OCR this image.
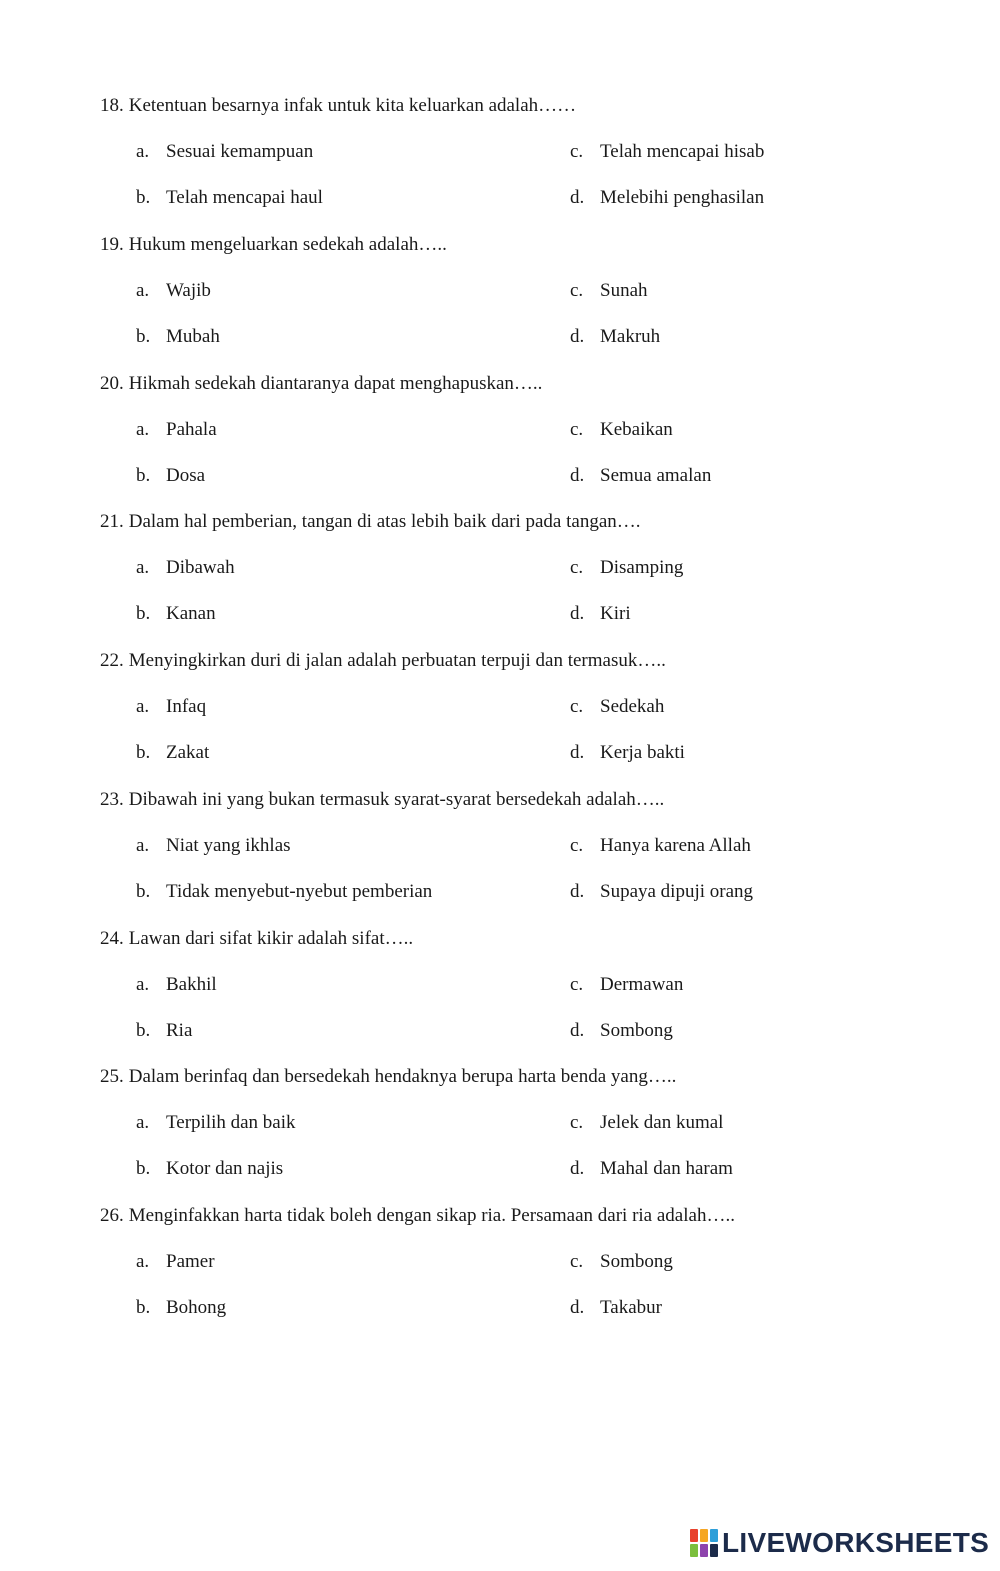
18. Ketentuan besarnya infak untuk kita keluarkan adalah……
a. Sesuai kemampuan
b. Telah mencapai haul
c. Telah mencapai hisab
d. Melebihi penghasilan
19. Hukum mengeluarkan sedekah adalah…..
a. Wajib
b. Mubah
c. Sunah
d. Makruh
20. Hikmah sedekah diantaranya dapat menghapuskan…..
a. Pahala
b. Dosa
c. Kebaikan
d. Semua amalan
21. Dalam hal pemberian, tangan di atas lebih baik dari pada tangan….
a. Dibawah
b. Kanan
c. Disamping
d. Kiri
22. Menyingkirkan duri di jalan adalah perbuatan terpuji dan termasuk…..
a. Infaq
b. Zakat
c. Sedekah
d. Kerja bakti
23. Dibawah ini yang bukan termasuk syarat-syarat bersedekah adalah…..
a. Niat yang ikhlas
b. Tidak menyebut-nyebut pemberian
c. Hanya karena Allah
d. Supaya dipuji orang
24. Lawan dari sifat kikir adalah sifat…..
a. Bakhil
b. Ria
c. Dermawan
d. Sombong
25. Dalam berinfaq dan bersedekah hendaknya berupa harta benda yang…..
a. Terpilih dan baik
b. Kotor dan najis
c. Jelek dan kumal
d. Mahal dan haram
26. Menginfakkan harta tidak boleh dengan sikap ria. Persamaan dari ria adalah…..
a. Pamer
b. Bohong
c. Sombong
d. Takabur
LIVEWORKSHEETS
